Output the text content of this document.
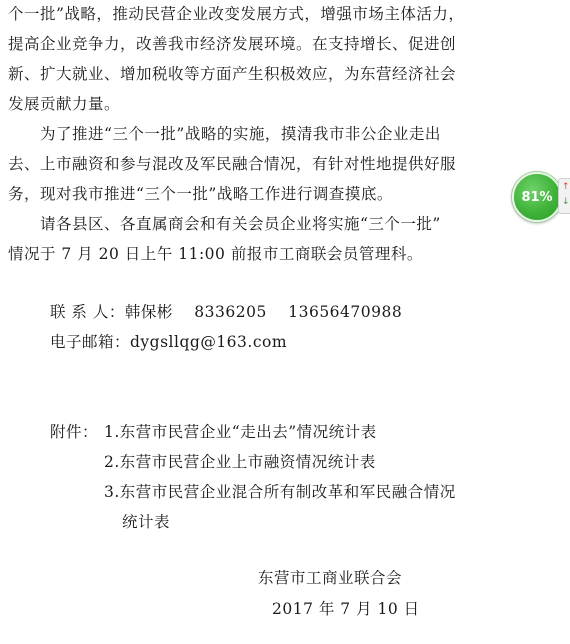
个一批”战略，推动民营企业改变发展方式，增强市场主体活力，
提高企业竞争力，改善我市经济发展环境。在支持增长、促进创
新、扩大就业、增加税收等方面产生积极效应，为东营经济社会
发展贡献力量。
　　为了推进“三个一批”战略的实施，摸清我市非公企业走出
去、上市融资和参与混改及军民融合情况，有针对性地提供好服
务，现对我市推进“三个一批”战略工作进行调查摸底。
　　请各县区、各直属商会和有关会员企业将实施“三个一批”
情况于 7 月 20 日上午 11:00 前报市工商联会员管理科。
联 系 人：韩保彬　 8336205　 13656470988
电子邮箱：dygsllqg@163.com
附件： 1.东营市民营企业“走出去”情况统计表
2.东营市民营企业上市融资情况统计表
3.东营市民营企业混合所有制改革和军民融合情况
统计表
东营市工商业联合会
2017 年 7 月 10 日
81%
↑
↓
